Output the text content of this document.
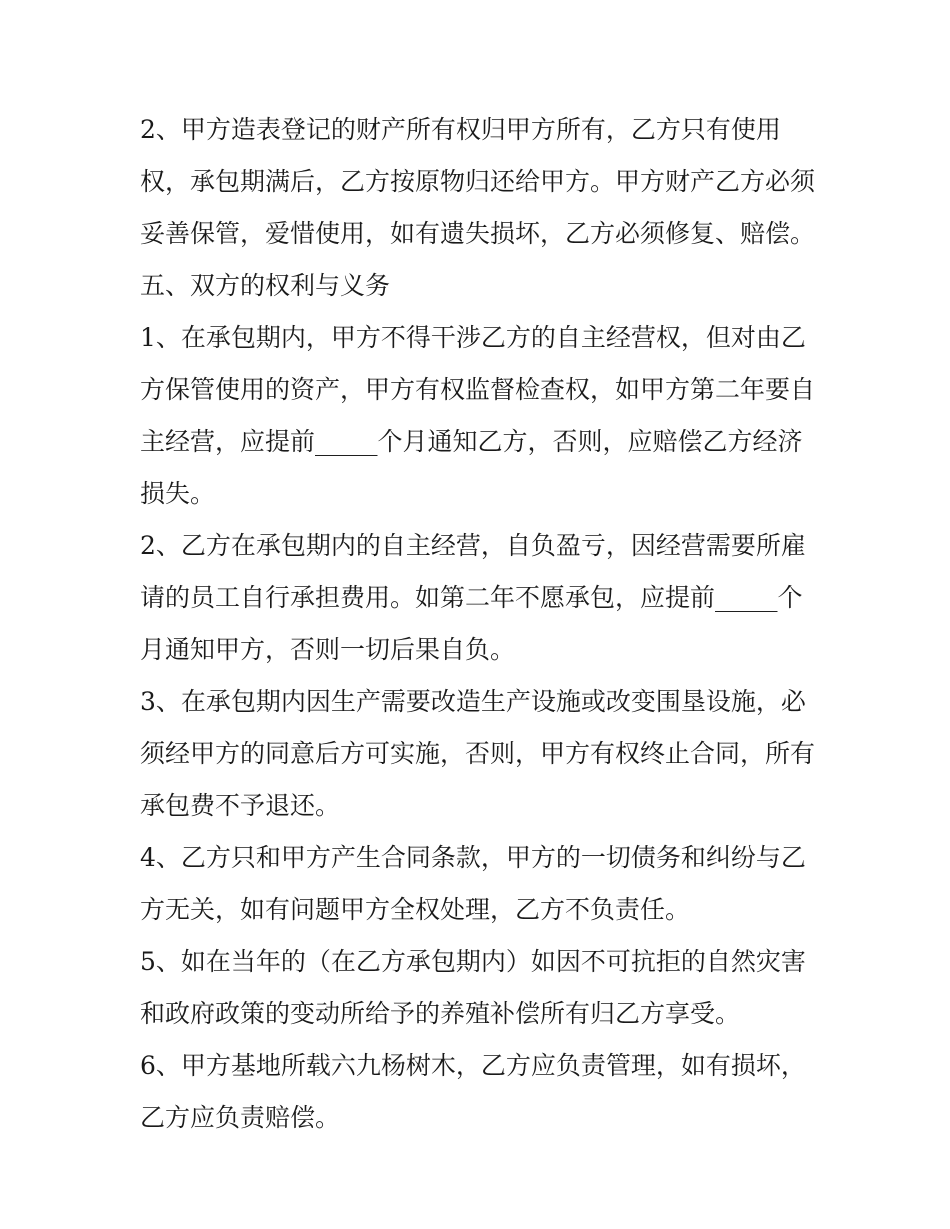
2、甲方造表登记的财产所有权归甲方所有，乙方只有使用
权，承包期满后，乙方按原物归还给甲方。甲方财产乙方必须
妥善保管，爱惜使用，如有遗失损坏，乙方必须修复、赔偿。
五、双方的权利与义务
1、在承包期内，甲方不得干涉乙方的自主经营权，但对由乙
方保管使用的资产，甲方有权监督检查权，如甲方第二年要自
主经营，应提前_____个月通知乙方，否则，应赔偿乙方经济
损失。
2、乙方在承包期内的自主经营，自负盈亏，因经营需要所雇
请的员工自行承担费用。如第二年不愿承包，应提前_____个
月通知甲方，否则一切后果自负。
3、在承包期内因生产需要改造生产设施或改变围垦设施，必
须经甲方的同意后方可实施，否则，甲方有权终止合同，所有
承包费不予退还。
4、乙方只和甲方产生合同条款，甲方的一切债务和纠纷与乙
方无关，如有问题甲方全权处理，乙方不负责任。
5、如在当年的（在乙方承包期内）如因不可抗拒的自然灾害
和政府政策的变动所给予的养殖补偿所有归乙方享受。
6、甲方基地所载六九杨树木，乙方应负责管理，如有损坏，
乙方应负责赔偿。
